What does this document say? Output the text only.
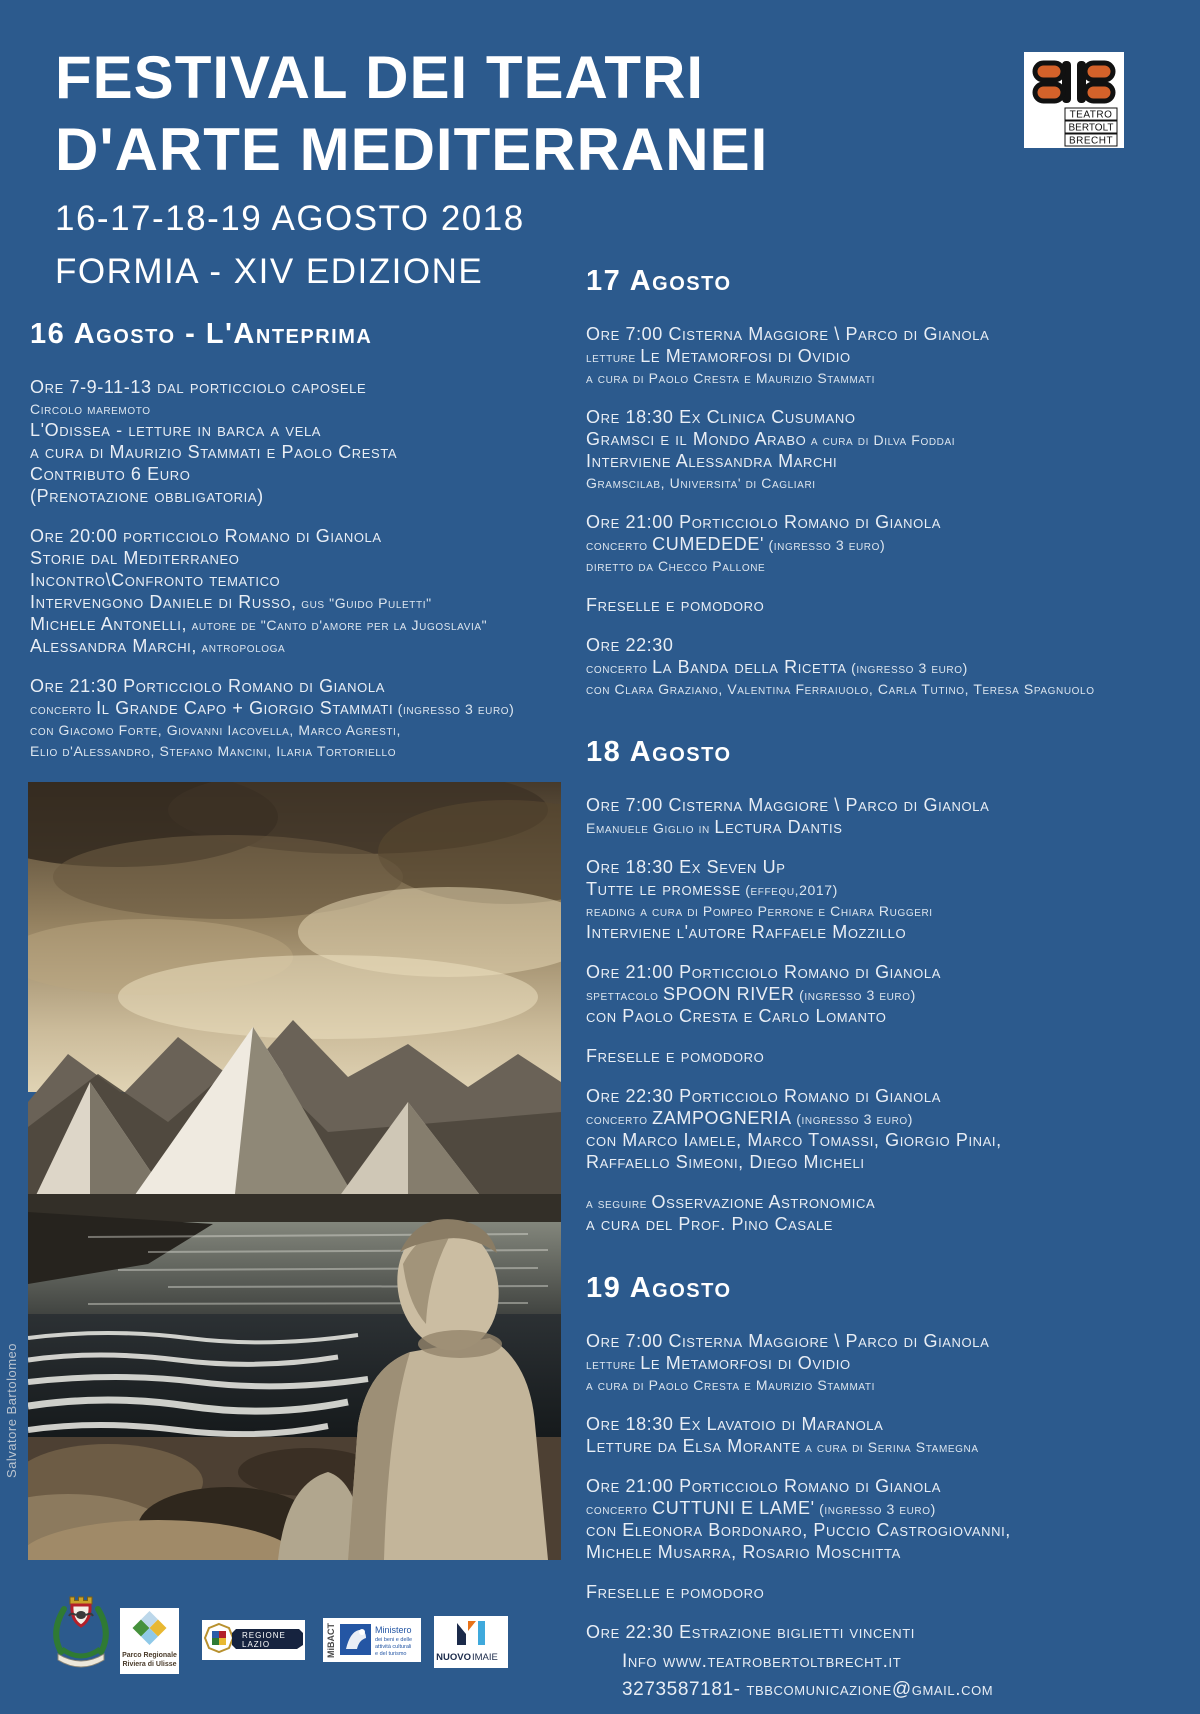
FESTIVAL DEI TEATRI
D'ARTE MEDITERRANEI
16-17-18-19 AGOSTO 2018
FORMIA - XIV EDIZIONE
TEATRO
BERTOLT
BRECHT
16 Agosto - L'Anteprima
Ore 7-9-11-13 dal porticciolo caposele
Circolo maremoto
L'Odissea - letture in barca a vela
a cura di Maurizio Stammati e Paolo Cresta
Contributo 6 Euro
(Prenotazione obbligatoria)
Ore 20:00 porticciolo Romano di Gianola
Storie dal Mediterraneo
Incontro\Confronto tematico
Intervengono Daniele di Russo, gus "Guido Puletti"
Michele Antonelli, autore de "Canto d'amore per la Jugoslavia"
Alessandra Marchi, antropologa
Ore 21:30 Porticciolo Romano di Gianola
concerto Il Grande Capo + Giorgio Stammati (ingresso 3 euro)
con Giacomo Forte, Giovanni Iacovella, Marco Agresti,
Elio d'Alessandro, Stefano Mancini, Ilaria Tortoriello
17 Agosto
Ore 7:00 Cisterna Maggiore \ Parco di Gianola
letture Le Metamorfosi di Ovidio
a cura di Paolo Cresta e Maurizio Stammati
Ore 18:30 Ex Clinica Cusumano
Gramsci e il Mondo Arabo a cura di Dilva Foddai
Interviene Alessandra Marchi
Gramscilab, Universita' di Cagliari
Ore 21:00 Porticciolo Romano di Gianola
concerto CUMEDEDE' (ingresso 3 euro)
diretto da Checco Pallone
Freselle e pomodoro
Ore 22:30
concerto La Banda della Ricetta (ingresso 3 euro)
con Clara Graziano, Valentina Ferraiuolo, Carla Tutino, Teresa Spagnuolo
18 Agosto
Ore 7:00 Cisterna Maggiore \ Parco di Gianola
Emanuele Giglio in Lectura Dantis
Ore 18:30 Ex Seven Up
Tutte le promesse (effequ,2017)
reading a cura di Pompeo Perrone e Chiara Ruggeri
Interviene l'autore Raffaele Mozzillo
Ore 21:00 Porticciolo Romano di Gianola
spettacolo SPOON RIVER (ingresso 3 euro)
con Paolo Cresta e Carlo Lomanto
Freselle e pomodoro
Ore 22:30 Porticciolo Romano di Gianola
concerto ZAMPOGNERIA (ingresso 3 euro)
con Marco Iamele, Marco Tomassi, Giorgio Pinai,
Raffaello Simeoni, Diego Micheli
a seguire Osservazione Astronomica
a cura del Prof. Pino Casale
19 Agosto
Ore 7:00 Cisterna Maggiore \ Parco di Gianola
letture Le Metamorfosi di Ovidio
a cura di Paolo Cresta e Maurizio Stammati
Ore 18:30 Ex Lavatoio di Maranola
Letture da Elsa Morante a cura di Serina Stamegna
Ore 21:00 Porticciolo Romano di Gianola
concerto CUTTUNI E LAME' (ingresso 3 euro)
con Eleonora Bordonaro, Puccio Castrogiovanni,
Michele Musarra, Rosario Moschitta
Freselle e pomodoro
Ore 22:30 Estrazione biglietti vincenti
Salvatore Bartolomeo
Info www.teatrobertoltbrecht.it
3273587181- tbbcomunicazione@gmail.com
Parco Regionale
Riviera di Ulisse
REGIONE
LAZIO	MiBACT	Ministero
dei beni e delle
attività culturali
e del turismo	NUOVO IMAIE
